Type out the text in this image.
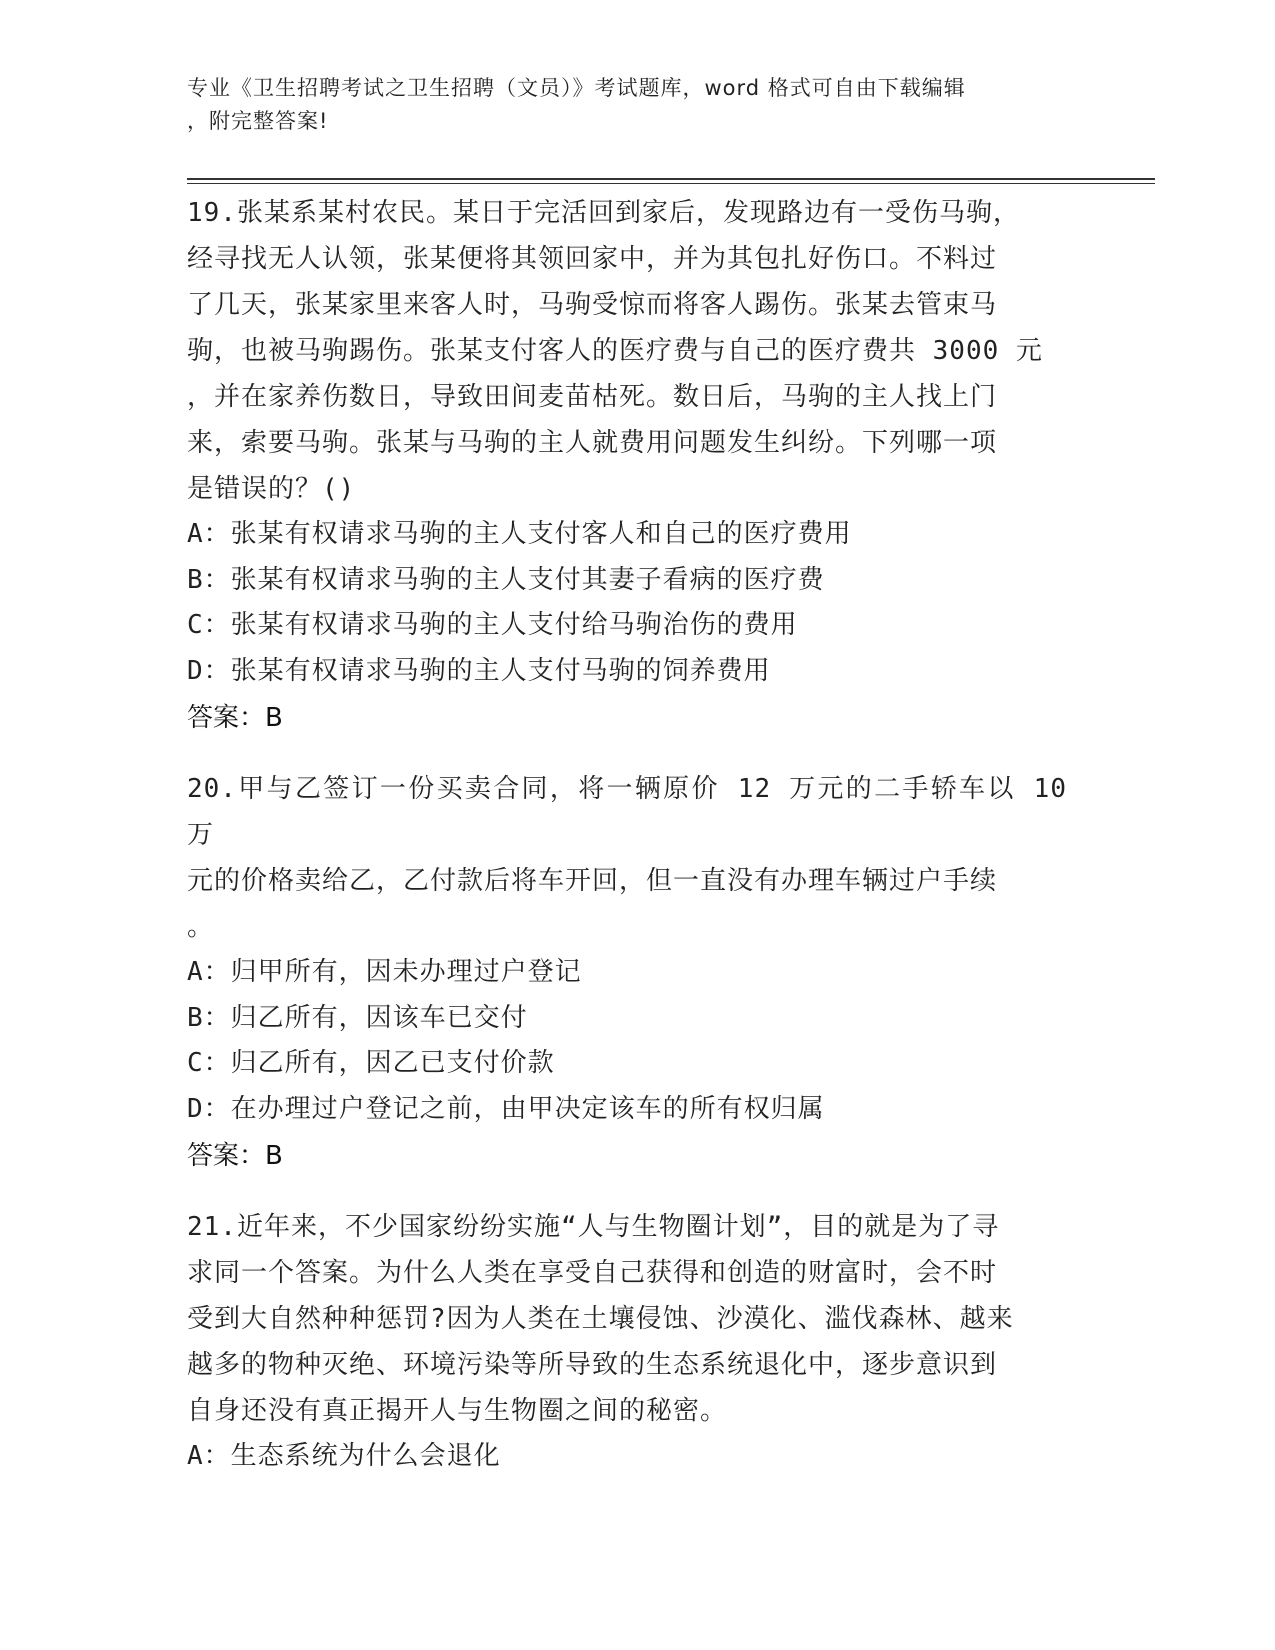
专业《卫生招聘考试之卫生招聘（文员）》考试题库，word 格式可自由下载编辑
，附完整答案!
19.张某系某村农民。某日于完活回到家后，发现路边有一受伤马驹，
经寻找无人认领，张某便将其领回家中，并为其包扎好伤口。不料过
了几天，张某家里来客人时，马驹受惊而将客人踢伤。张某去管束马
驹，也被马驹踢伤。张某支付客人的医疗费与自己的医疗费共 3000 元
，并在家养伤数日，导致田间麦苗枯死。数日后，马驹的主人找上门
来，索要马驹。张某与马驹的主人就费用问题发生纠纷。下列哪一项
是错误的？()
A：张某有权请求马驹的主人支付客人和自己的医疗费用
B：张某有权请求马驹的主人支付其妻子看病的医疗费
C：张某有权请求马驹的主人支付给马驹治伤的费用
D：张某有权请求马驹的主人支付马驹的饲养费用
答案：B
20.甲与乙签订一份买卖合同，将一辆原价 12 万元的二手轿车以 10 万
元的价格卖给乙，乙付款后将车开回，但一直没有办理车辆过户手续
。
A：归甲所有，因未办理过户登记
B：归乙所有，因该车已交付
C：归乙所有，因乙已支付价款
D：在办理过户登记之前，由甲决定该车的所有权归属
答案：B
21.近年来，不少国家纷纷实施“人与生物圈计划”，目的就是为了寻
求同一个答案。为什么人类在享受自己获得和创造的财富时，会不时
受到大自然种种惩罚?因为人类在土壤侵蚀、沙漠化、滥伐森林、越来
越多的物种灭绝、环境污染等所导致的生态系统退化中，逐步意识到
自身还没有真正揭开人与生物圈之间的秘密。
A：生态系统为什么会退化
